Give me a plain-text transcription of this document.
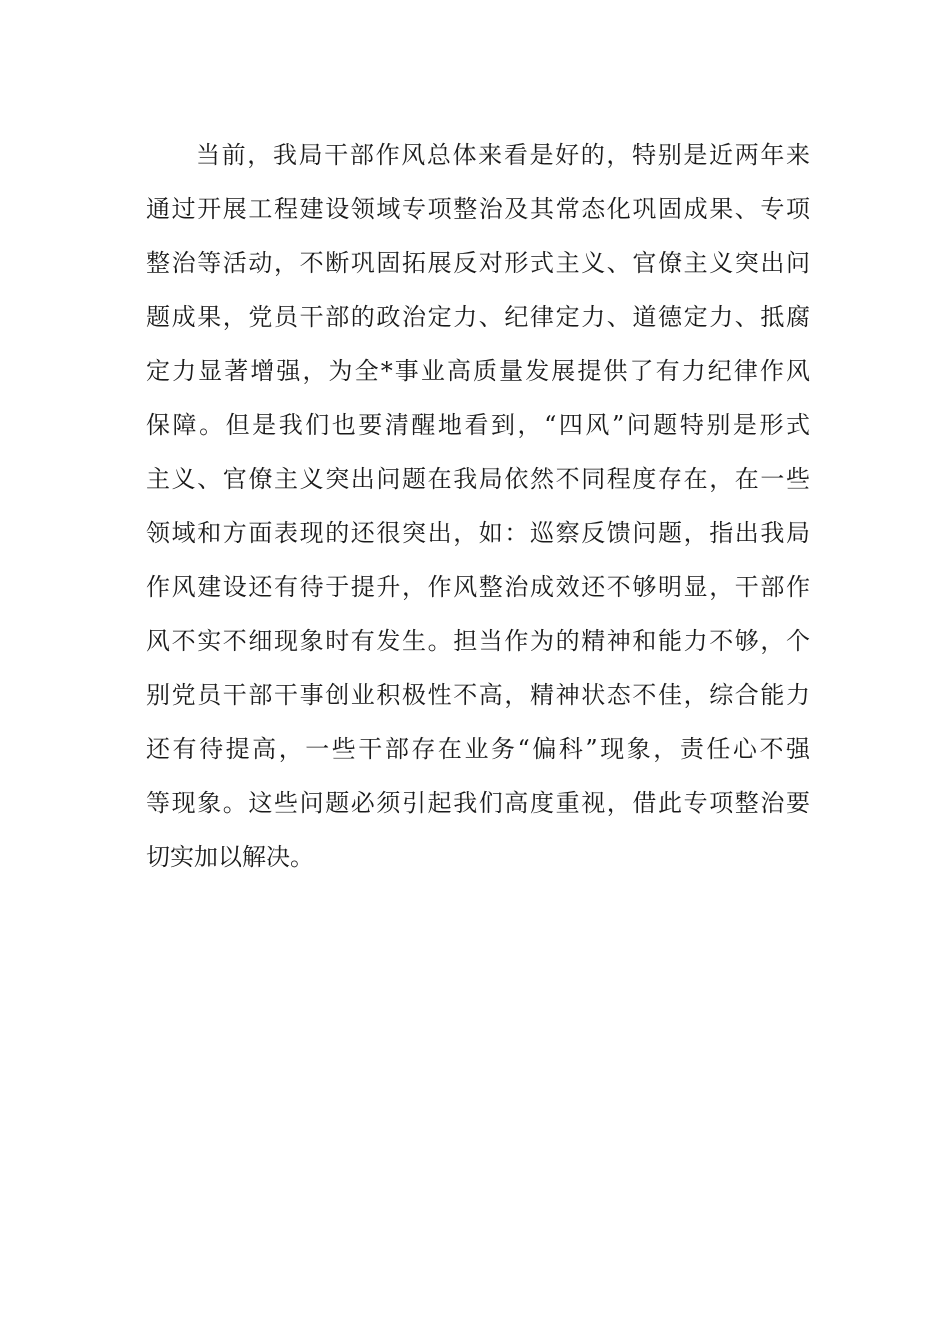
当前，我局干部作风总体来看是好的，特别是近两年来
通过开展工程建设领域专项整治及其常态化巩固成果、专项
整治等活动，不断巩固拓展反对形式主义、官僚主义突出问
题成果，党员干部的政治定力、纪律定力、道德定力、抵腐
定力显著增强，为全*事业高质量发展提供了有力纪律作风
保障。但是我们也要清醒地看到，“四风”问题特别是形式
主义、官僚主义突出问题在我局依然不同程度存在，在一些
领域和方面表现的还很突出，如：巡察反馈问题，指出我局
作风建设还有待于提升，作风整治成效还不够明显，干部作
风不实不细现象时有发生。担当作为的精神和能力不够，个
别党员干部干事创业积极性不高，精神状态不佳，综合能力
还有待提高，一些干部存在业务“偏科”现象，责任心不强
等现象。这些问题必须引起我们高度重视，借此专项整治要
切实加以解决。
